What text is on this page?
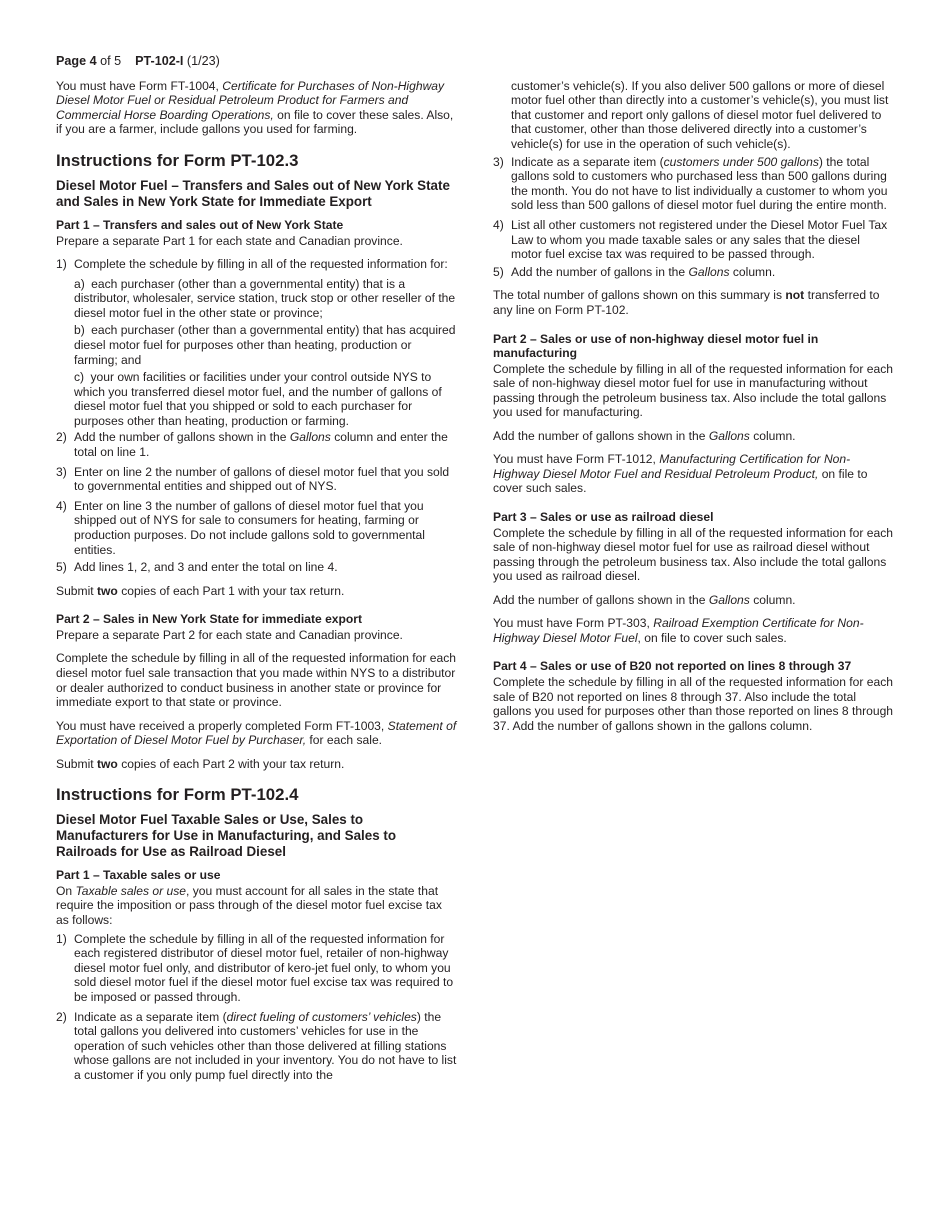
Page 4 of 5 PT-102-I (1/23)

You must have Form FT-1004, Certificate for Purchases of Non-Highway Diesel Motor Fuel or Residual Petroleum Product for Farmers and Commercial Horse Boarding Operations, on file to cover these sales. Also, if you are a farmer, include gallons you used for farming.

Instructions for Form PT-102.3
Diesel Motor Fuel – Transfers and Sales out of New York State and Sales in New York State for Immediate Export
Part 1 – Transfers and sales out of New York State

Prepare a separate Part 1 for each state and Canadian province.

1) Complete the schedule by filling in all of the requested information for:
a) each purchaser (other than a governmental entity) that is a distributor, wholesaler, service station, truck stop or other reseller of the diesel motor fuel in the other state or province;
b) each purchaser (other than a governmental entity) that has acquired diesel motor fuel for purposes other than heating, production or farming; and
c) your own facilities or facilities under your control outside NYS to which you transferred diesel motor fuel, and the number of gallons of diesel motor fuel that you shipped or sold to each purchaser for purposes other than heating, production or farming.
2) Add the number of gallons shown in the Gallons column and enter the total on line 1.
3) Enter on line 2 the number of gallons of diesel motor fuel that you sold to governmental entities and shipped out of NYS.
4) Enter on line 3 the number of gallons of diesel motor fuel that you shipped out of NYS for sale to consumers for heating, farming or production purposes. Do not include gallons sold to governmental entities.
5) Add lines 1, 2, and 3 and enter the total on line 4.

Submit two copies of each Part 1 with your tax return.

Part 2 – Sales in New York State for immediate export

Prepare a separate Part 2 for each state and Canadian province.

Complete the schedule by filling in all of the requested information for each diesel motor fuel sale transaction that you made within NYS to a distributor or dealer authorized to conduct business in another state or province for immediate export to that state or province.

You must have received a properly completed Form FT-1003, Statement of Exportation of Diesel Motor Fuel by Purchaser, for each sale.

Submit two copies of each Part 2 with your tax return.

Instructions for Form PT-102.4
Diesel Motor Fuel Taxable Sales or Use, Sales to Manufacturers for Use in Manufacturing, and Sales to Railroads for Use as Railroad Diesel
Part 1 – Taxable sales or use

On Taxable sales or use, you must account for all sales in the state that require the imposition or pass through of the diesel motor fuel excise tax as follows:

1) Complete the schedule by filling in all of the requested information for each registered distributor of diesel motor fuel, retailer of non-highway diesel motor fuel only, and distributor of kero-jet fuel only, to whom you sold diesel motor fuel if the diesel motor fuel excise tax was required to be imposed or passed through.
2) Indicate as a separate item (direct fueling of customers’ vehicles) the total gallons you delivered into customers’ vehicles for use in the operation of such vehicles other than those delivered at filling stations whose gallons are not included in your inventory. You do not have to list a customer if you only pump fuel directly into the
customer’s vehicle(s). If you also deliver 500 gallons or more of diesel motor fuel other than directly into a customer’s vehicle(s), you must list that customer and report only gallons of diesel motor fuel delivered to that customer, other than those delivered directly into a customer’s vehicle(s) for use in the operation of such vehicle(s).
3) Indicate as a separate item (customers under 500 gallons) the total gallons sold to customers who purchased less than 500 gallons during the month. You do not have to list individually a customer to whom you sold less than 500 gallons of diesel motor fuel during the entire month.
4) List all other customers not registered under the Diesel Motor Fuel Tax Law to whom you made taxable sales or any sales that the diesel motor fuel excise tax was required to be passed through.
5) Add the number of gallons in the Gallons column.

The total number of gallons shown on this summary is not transferred to any line on Form PT-102.

Part 2 – Sales or use of non-highway diesel motor fuel in manufacturing

Complete the schedule by filling in all of the requested information for each sale of non-highway diesel motor fuel for use in manufacturing without passing through the petroleum business tax. Also include the total gallons you used for manufacturing.

Add the number of gallons shown in the Gallons column.

You must have Form FT-1012, Manufacturing Certification for Non-Highway Diesel Motor Fuel and Residual Petroleum Product, on file to cover such sales.

Part 3 – Sales or use as railroad diesel

Complete the schedule by filling in all of the requested information for each sale of non-highway diesel motor fuel for use as railroad diesel without passing through the petroleum business tax. Also include the total gallons you used as railroad diesel.

Add the number of gallons shown in the Gallons column.

You must have Form PT-303, Railroad Exemption Certificate for Non-Highway Diesel Motor Fuel, on file to cover such sales.

Part 4 – Sales or use of B20 not reported on lines 8 through 37

Complete the schedule by filling in all of the requested information for each sale of B20 not reported on lines 8 through 37. Also include the total gallons you used for purposes other than those reported on lines 8 through 37. Add the number of gallons shown in the gallons column.
